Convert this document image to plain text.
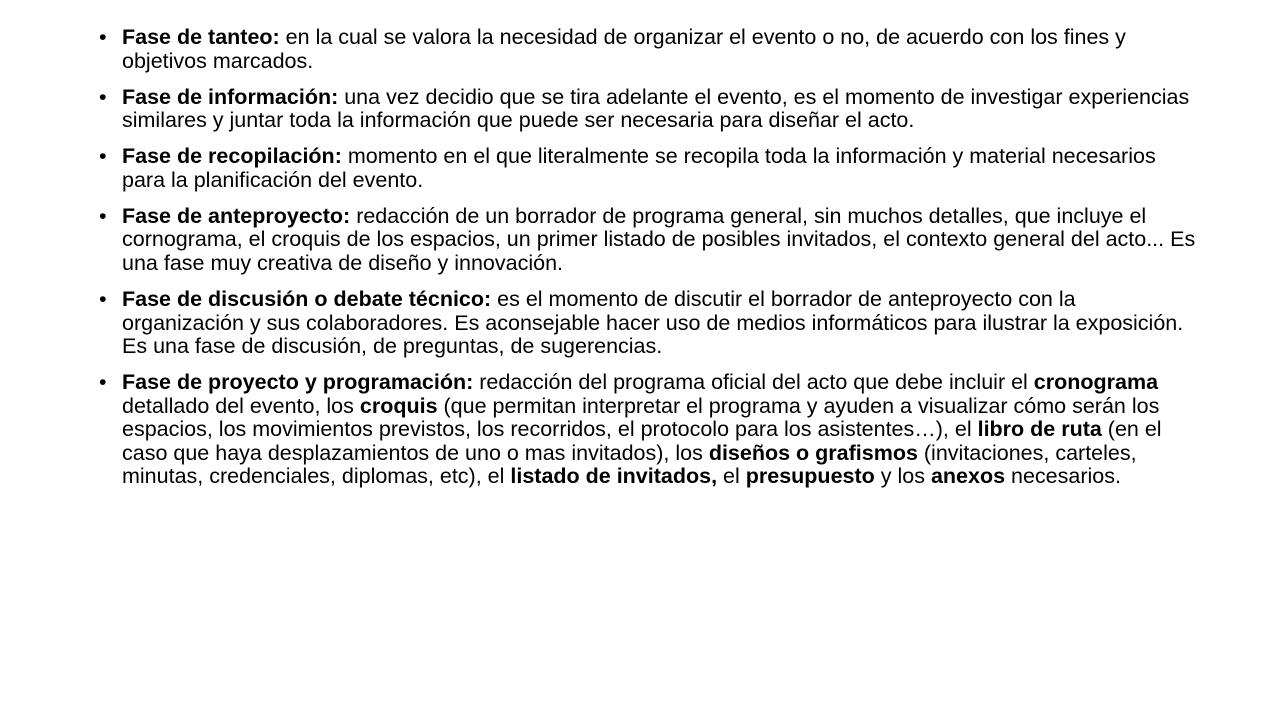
• Fase de tanteo: en la cual se valora la necesidad de organizar el evento o no, de acuerdo con los fines y objetivos marcados.
• Fase de información: una vez decidio que se tira adelante el evento, es el momento de investigar experiencias similares y juntar toda la información que puede ser necesaria para diseñar el acto.
• Fase de recopilación: momento en el que literalmente se recopila toda la información y material necesarios para la planificación del evento.
• Fase de anteproyecto: redacción de un borrador de programa general, sin muchos detalles, que incluye el cornograma, el croquis de los espacios, un primer listado de posibles invitados, el contexto general del acto... Es una fase muy creativa de diseño y innovación.
• Fase de discusión o debate técnico: es el momento de discutir el borrador de anteproyecto con la organización y sus colaboradores. Es aconsejable hacer uso de medios informáticos para ilustrar la exposición. Es una fase de discusión, de preguntas, de sugerencias.
• Fase de proyecto y programación: redacción del programa oficial del acto que debe incluir el cronograma detallado del evento, los croquis (que permitan interpretar el programa y ayuden a visualizar cómo serán los espacios, los movimientos previstos, los recorridos, el protocolo para los asistentes…), el libro de ruta (en el caso que haya desplazamientos de uno o mas invitados), los diseños o grafismos (invitaciones, carteles, minutas, credenciales, diplomas, etc), el listado de invitados, el presupuesto y los anexos necesarios.
